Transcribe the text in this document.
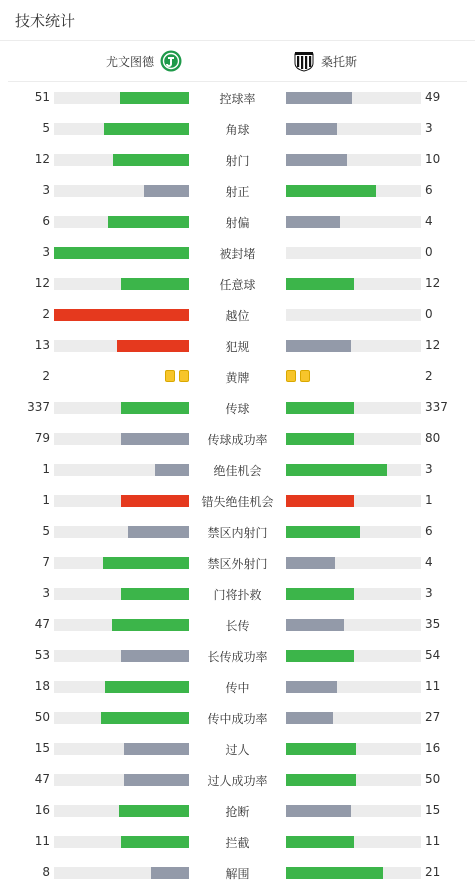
技术统计
尤文图德	桑托斯
51	控球率	49
5	角球	3
12	射门	10
3	射正	6
6	射偏	4
3	被封堵	0
12	任意球	12
2	越位	0
13	犯规	12
2	黄牌	2
337	传球	337
79	传球成功率	80
1	绝佳机会	3
1	错失绝佳机会	1
5	禁区内射门	6
7	禁区外射门	4
3	门将扑救	3
47	长传	35
53	长传成功率	54
18	传中	11
50	传中成功率	27
15	过人	16
47	过人成功率	50
16	抢断	15
11	拦截	11
8	解围	21
